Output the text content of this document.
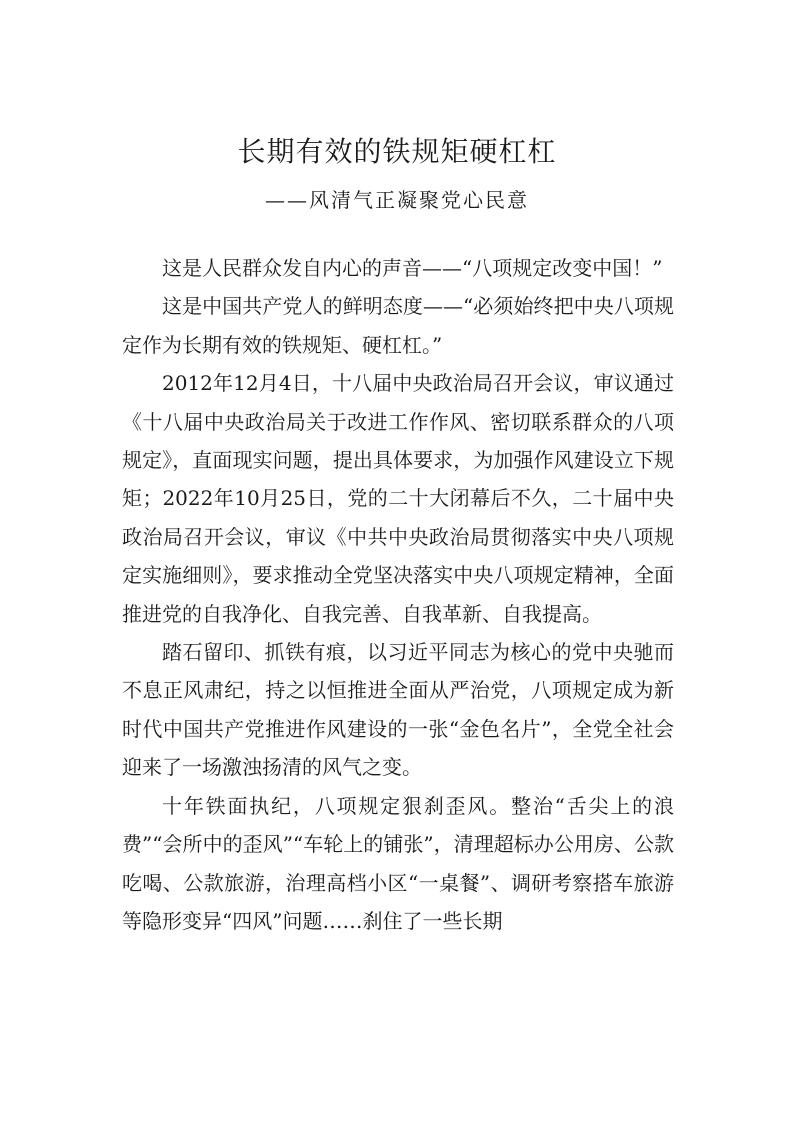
长期有效的铁规矩硬杠杠
——风清气正凝聚党心民意

这是人民群众发自内心的声音——“八项规定改变中国！”

这是中国共产党人的鲜明态度——“必须始终把中央八项规定作为长期有效的铁规矩、硬杠杠。”

2012年12月4日，十八届中央政治局召开会议，审议通过《十八届中央政治局关于改进工作作风、密切联系群众的八项规定》，直面现实问题，提出具体要求，为加强作风建设立下规矩；2022年10月25日，党的二十大闭幕后不久，二十届中央政治局召开会议，审议《中共中央政治局贯彻落实中央八项规定实施细则》，要求推动全党坚决落实中央八项规定精神，全面推进党的自我净化、自我完善、自我革新、自我提高。

踏石留印、抓铁有痕，以习近平同志为核心的党中央驰而不息正风肃纪，持之以恒推进全面从严治党，八项规定成为新时代中国共产党推进作风建设的一张“金色名片”，全党全社会迎来了一场激浊扬清的风气之变。

十年铁面执纪，八项规定狠刹歪风。整治“舌尖上的浪费”“会所中的歪风”“车轮上的铺张”，清理超标办公用房、公款吃喝、公款旅游，治理高档小区“一桌餐”、调研考察搭车旅游等隐形变异“四风”问题……刹住了一些长期
